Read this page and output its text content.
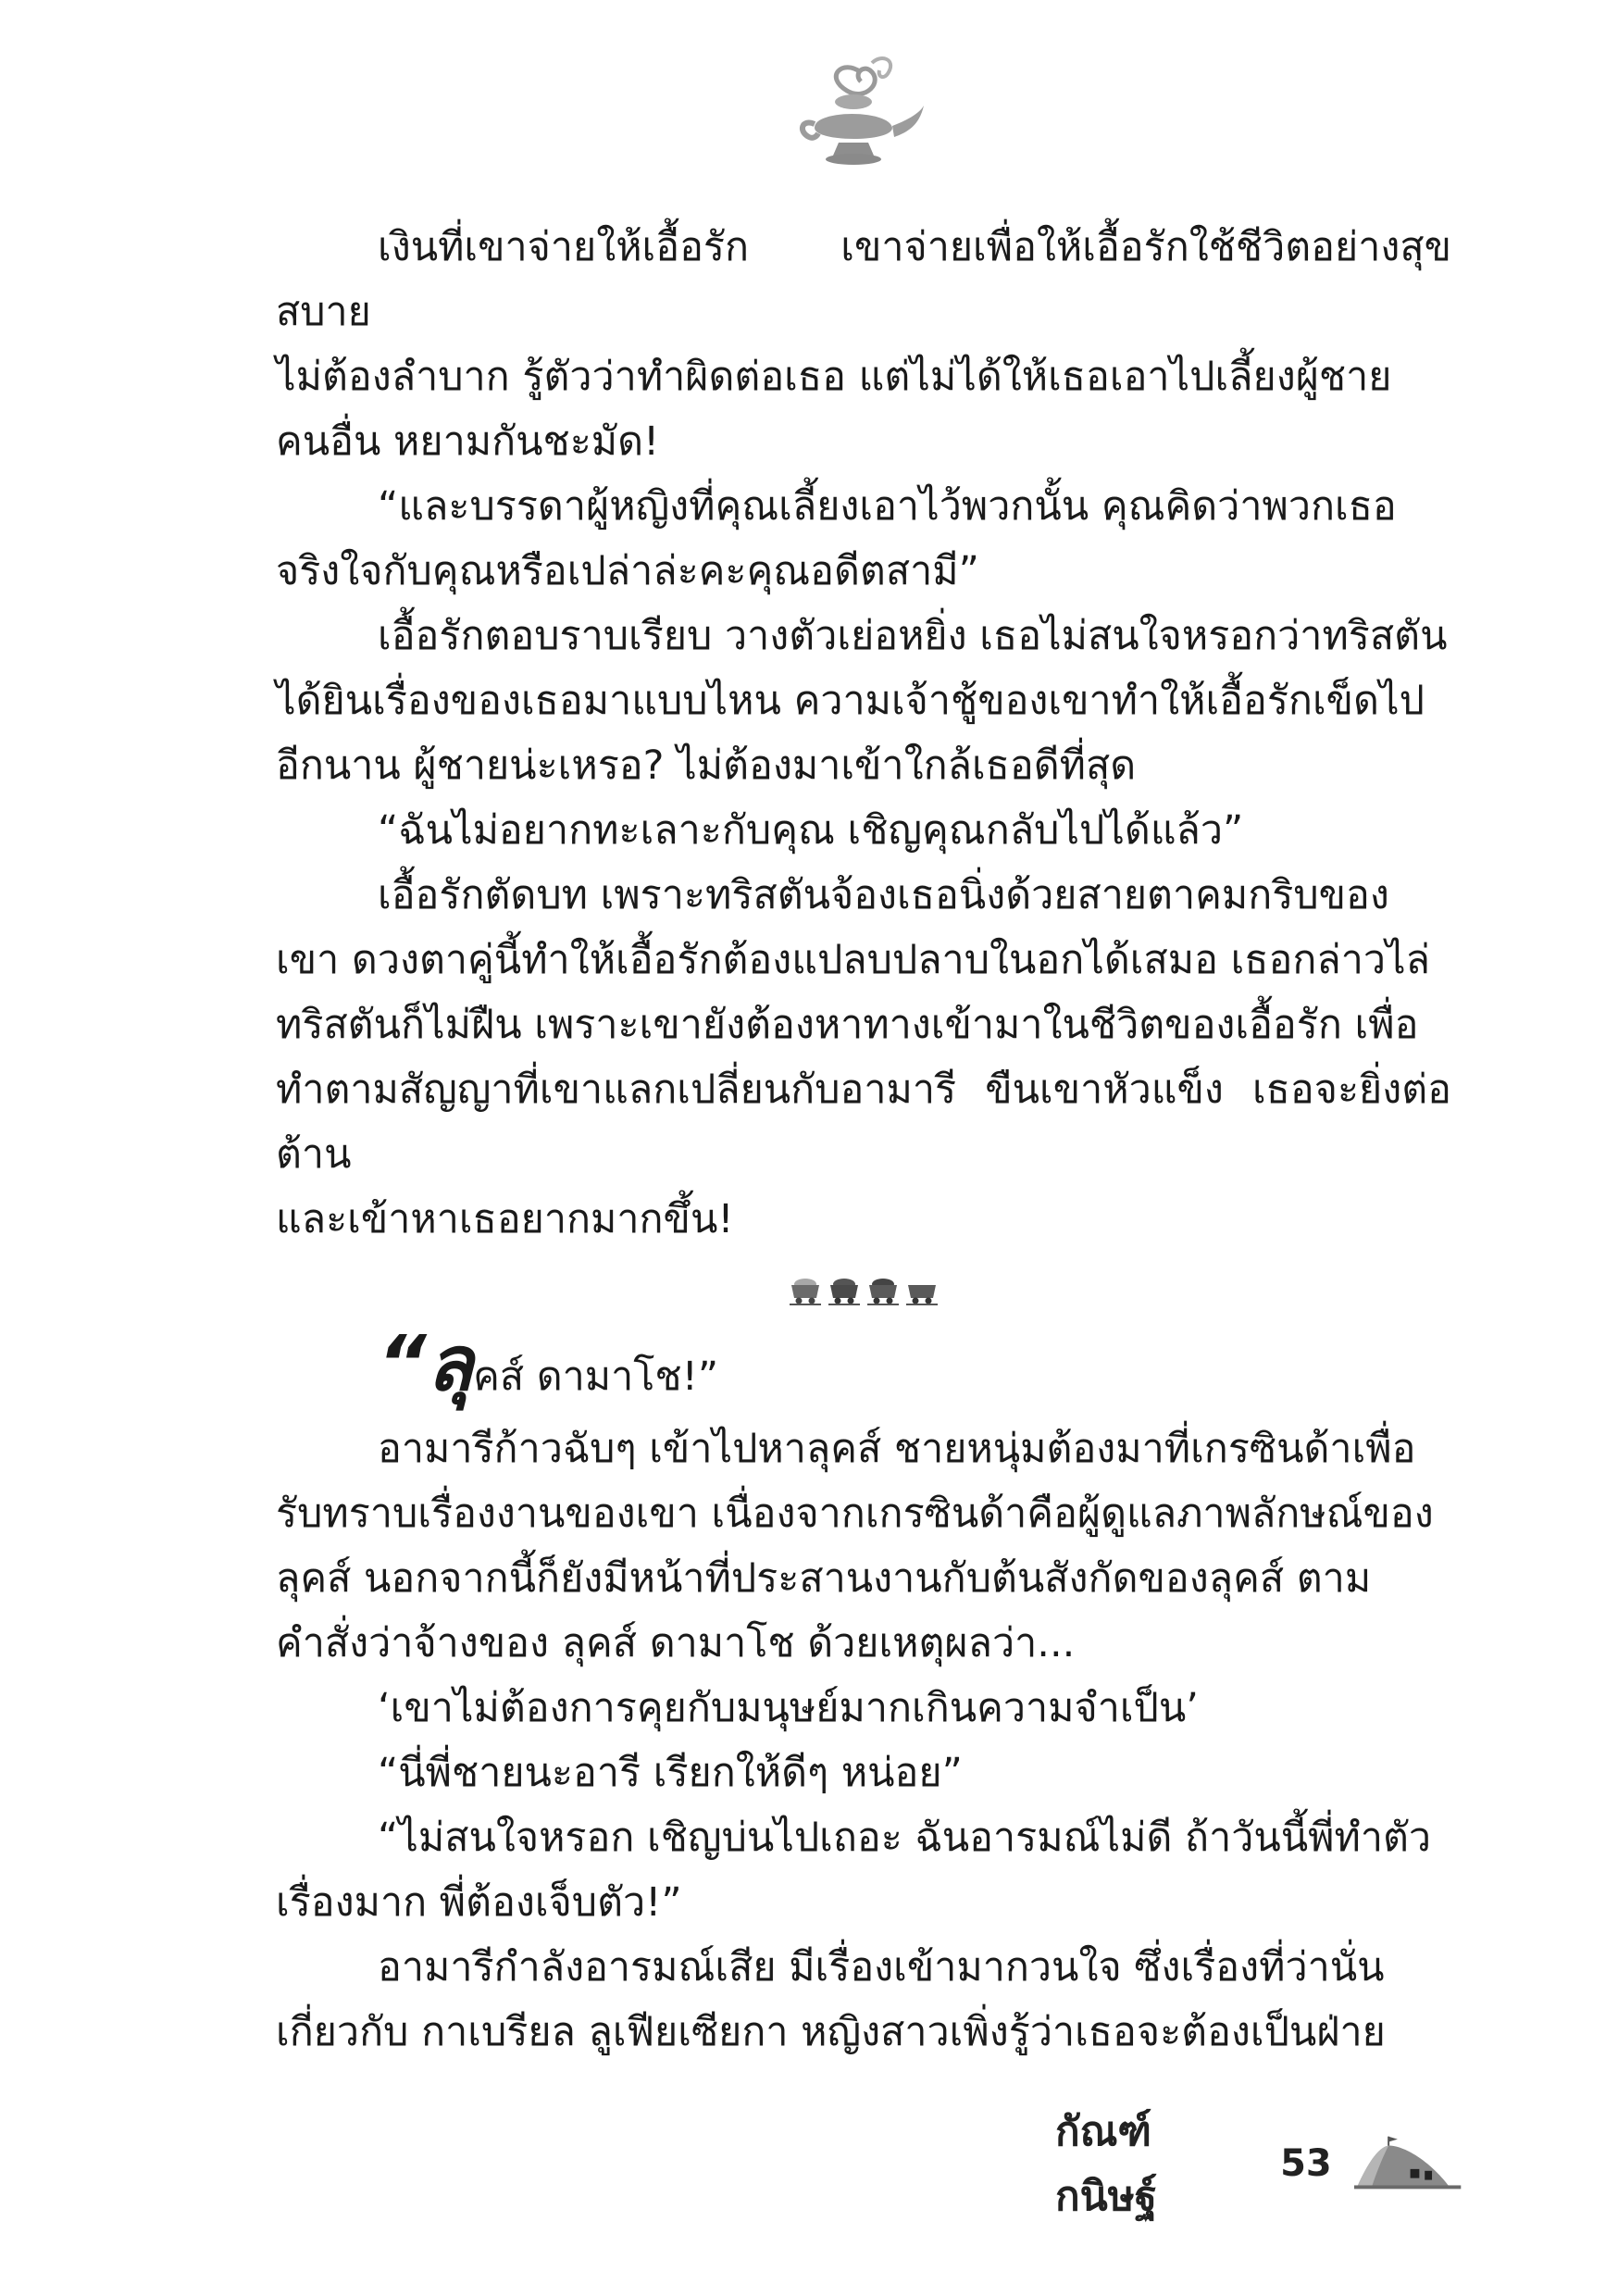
เงินที่เขาจ่ายให้เอื้อรัก เขาจ่ายเพื่อให้เอื้อรักใช้ชีวิตอย่างสุขสบาย
ไม่ต้องลำบาก รู้ตัวว่าทำผิดต่อเธอ แต่ไม่ได้ให้เธอเอาไปเลี้ยงผู้ชาย
คนอื่น หยามกันชะมัด!

“และบรรดาผู้หญิงที่คุณเลี้ยงเอาไว้พวกนั้น คุณคิดว่าพวกเธอ
จริงใจกับคุณหรือเปล่าล่ะคะคุณอดีตสามี”

เอื้อรักตอบราบเรียบ วางตัวเย่อหยิ่ง เธอไม่สนใจหรอกว่าทริสตัน
ได้ยินเรื่องของเธอมาแบบไหน ความเจ้าชู้ของเขาทำให้เอื้อรักเข็ดไป
อีกนาน ผู้ชายน่ะเหรอ? ไม่ต้องมาเข้าใกล้เธอดีที่สุด

“ฉันไม่อยากทะเลาะกับคุณ เชิญคุณกลับไปได้แล้ว”

เอื้อรักตัดบท เพราะทริสตันจ้องเธอนิ่งด้วยสายตาคมกริบของ
เขา ดวงตาคู่นี้ทำให้เอื้อรักต้องแปลบปลาบในอกได้เสมอ เธอกล่าวไล่
ทริสตันก็ไม่ฝืน เพราะเขายังต้องหาทางเข้ามาในชีวิตของเอื้อรัก เพื่อ
ทำตามสัญญาที่เขาแลกเปลี่ยนกับอามารี ขืนเขาหัวแข็ง เธอจะยิ่งต่อต้าน
และเข้าหาเธอยากมากขึ้น!

“ลุคส์ ดามาโช!”

อามารีก้าวฉับๆ เข้าไปหาลุคส์ ชายหนุ่มต้องมาที่เกรซินด้าเพื่อ
รับทราบเรื่องงานของเขา เนื่องจากเกรซินด้าคือผู้ดูแลภาพลักษณ์ของ
ลุคส์ นอกจากนี้ก็ยังมีหน้าที่ประสานงานกับต้นสังกัดของลุคส์ ตาม
คำสั่งว่าจ้างของ ลุคส์ ดามาโช ด้วยเหตุผลว่า...

‘เขาไม่ต้องการคุยกับมนุษย์มากเกินความจำเป็น’

“นี่พี่ชายนะอารี เรียกให้ดีๆ หน่อย”

“ไม่สนใจหรอก เชิญบ่นไปเถอะ ฉันอารมณ์ไม่ดี ถ้าวันนี้พี่ทำตัว
เรื่องมาก พี่ต้องเจ็บตัว!”

อามารีกำลังอารมณ์เสีย มีเรื่องเข้ามากวนใจ ซึ่งเรื่องที่ว่านั่น
เกี่ยวกับ กาเบรียล ลูเฟียเซียกา หญิงสาวเพิ่งรู้ว่าเธอจะต้องเป็นฝ่าย

กัณฑ์กนิษฐ์
53
